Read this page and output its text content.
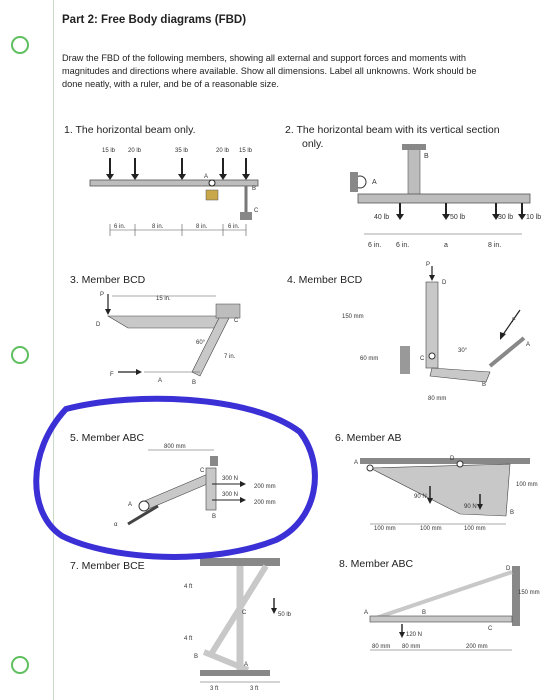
Part 2: Free Body diagrams (FBD)
Draw the FBD of the following members, showing all external and support forces and moments with
magnitudes and directions where available. Show all dimensions. Label all unknowns. Work should be
done neatly, with a ruler, and be of a reasonable size.
1. The horizontal beam only.	2. The horizontal beam with its vertical section
only.
3. Member BCD	4. Member BCD
5. Member ABC	6. Member AB
7. Member BCE	8. Member ABC
15 lb 20 lb	35 lb	20 lb 15 lb
6 in.	8 in.	8 in.	6 in.
A
B
C
40 lb	50 lb	30 lb 10 lb
6 in. 6 in.	a	8 in.
A
B
P
15 in.
D
C
60°
7 in.
F
A	B
P
D
150 mm
60 mm	C
F
30°
A
B
80 mm
800 mm
C
300 N
300 N
200 mm
200 mm
B
A
α
A
D
90 N
90 N
100 mm
100 mm	100 mm	100 mm
B
4 ft
4 ft
C	50 lb
B
A
3 ft	3 ft
D
150 mm
A	B
C
120 N
80 mm 80 mm	200 mm
